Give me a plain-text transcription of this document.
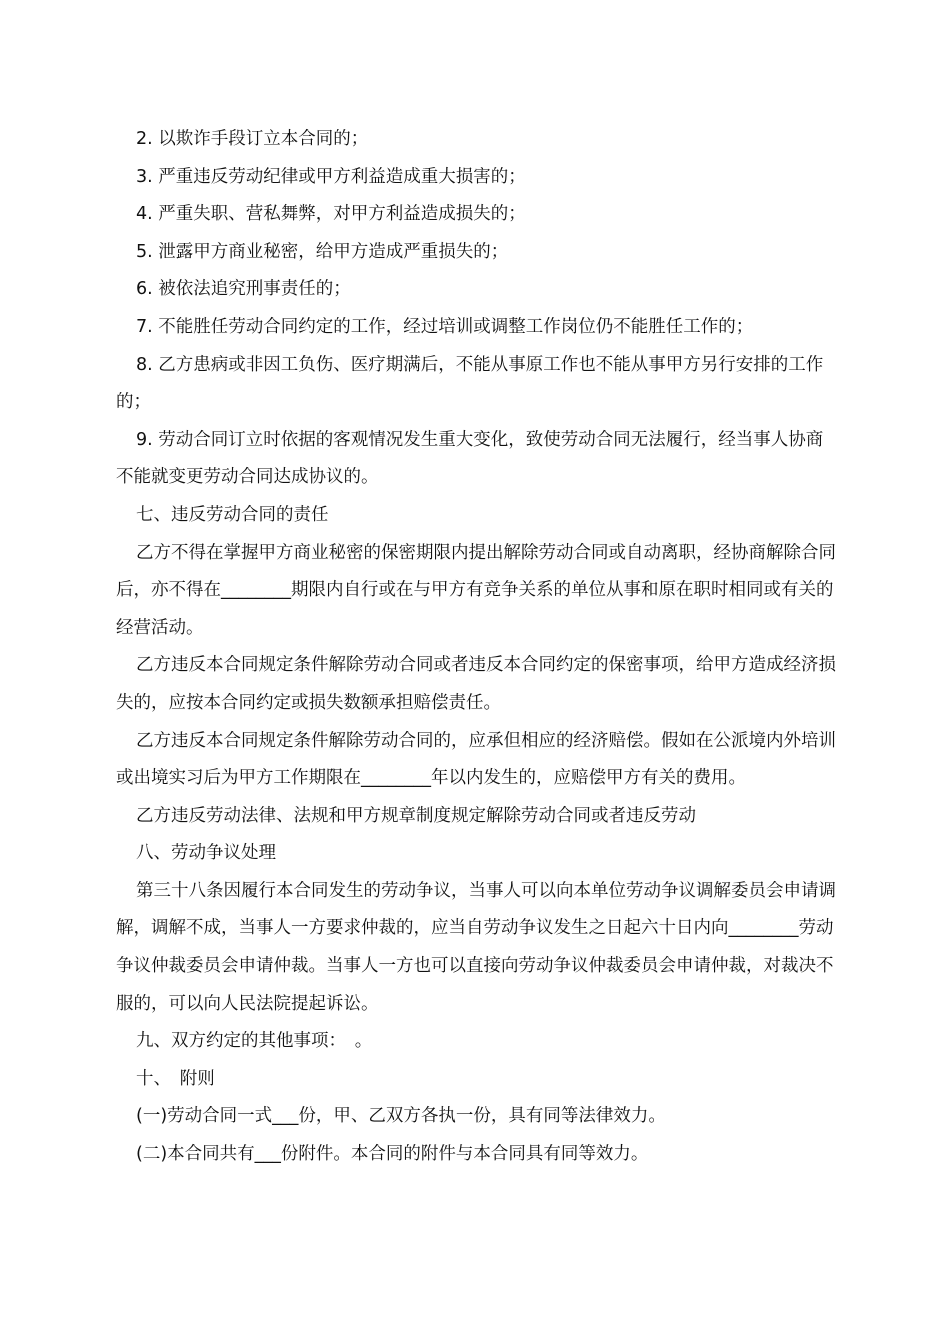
2. 以欺诈手段订立本合同的；

3. 严重违反劳动纪律或甲方利益造成重大损害的；

4. 严重失职、营私舞弊，对甲方利益造成损失的；

5. 泄露甲方商业秘密，给甲方造成严重损失的；

6. 被依法追究刑事责任的；

7. 不能胜任劳动合同约定的工作，经过培训或调整工作岗位仍不能胜任工作的；

8. 乙方患病或非因工负伤、医疗期满后，不能从事原工作也不能从事甲方另行安排的工作的；

9. 劳动合同订立时依据的客观情况发生重大变化，致使劳动合同无法履行，经当事人协商不能就变更劳动合同达成协议的。

七、违反劳动合同的责任

乙方不得在掌握甲方商业秘密的保密期限内提出解除劳动合同或自动离职，经协商解除合同后，亦不得在________期限内自行或在与甲方有竞争关系的单位从事和原在职时相同或有关的经营活动。

乙方违反本合同规定条件解除劳动合同或者违反本合同约定的保密事项，给甲方造成经济损失的，应按本合同约定或损失数额承担赔偿责任。

乙方违反本合同规定条件解除劳动合同的，应承但相应的经济赔偿。假如在公派境内外培训或出境实习后为甲方工作期限在________年以内发生的，应赔偿甲方有关的费用。

乙方违反劳动法律、法规和甲方规章制度规定解除劳动合同或者违反劳动

八、劳动争议处理

第三十八条因履行本合同发生的劳动争议，当事人可以向本单位劳动争议调解委员会申请调解，调解不成，当事人一方要求仲裁的，应当自劳动争议发生之日起六十日内向________劳动争议仲裁委员会申请仲裁。当事人一方也可以直接向劳动争议仲裁委员会申请仲裁，对裁决不服的，可以向人民法院提起诉讼。

九、双方约定的其他事项：　。

十、　附则

(一)劳动合同一式___份，甲、乙双方各执一份，具有同等法律效力。

(二)本合同共有___份附件。本合同的附件与本合同具有同等效力。
